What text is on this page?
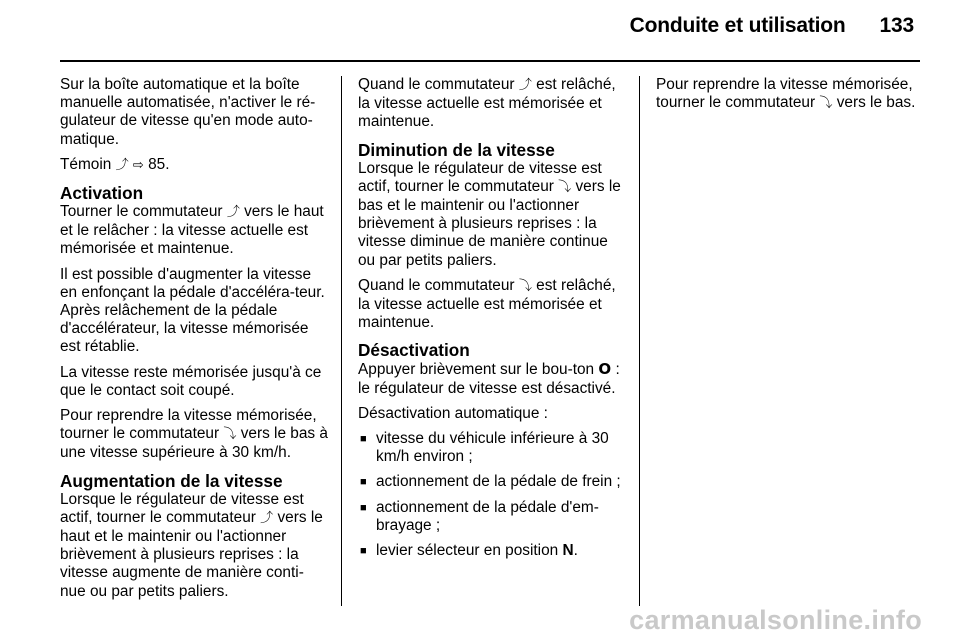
Conduite et utilisation 133

Sur la boîte automatique et la boîte manuelle automatisée, n'activer le ré-gulateur de vitesse qu'en mode auto-matique.

Témoin ⤴ ⇨ 85.

Activation

Tourner le commutateur ⤴ vers le haut et le relâcher : la vitesse actuelle est mémorisée et maintenue.

Il est possible d'augmenter la vitesse en enfonçant la pédale d'accéléra-teur. Après relâchement de la pédale d'accélérateur, la vitesse mémorisée est rétablie.

La vitesse reste mémorisée jusqu'à ce que le contact soit coupé.

Pour reprendre la vitesse mémorisée, tourner le commutateur ⤵ vers le bas à une vitesse supérieure à 30 km/h.

Augmentation de la vitesse

Lorsque le régulateur de vitesse est actif, tourner le commutateur ⤴ vers le haut et le maintenir ou l'actionner brièvement à plusieurs reprises : la vitesse augmente de manière conti-nue ou par petits paliers.

Quand le commutateur ⤴ est relâché, la vitesse actuelle est mémorisée et maintenue.

Diminution de la vitesse

Lorsque le régulateur de vitesse est actif, tourner le commutateur ⤵ vers le bas et le maintenir ou l'actionner brièvement à plusieurs reprises : la vitesse diminue de manière continue ou par petits paliers.

Quand le commutateur ⤵ est relâché, la vitesse actuelle est mémorisée et maintenue.

Désactivation

Appuyer brièvement sur le bou-ton O : le régulateur de vitesse est désactivé.

Désactivation automatique :

■ vitesse du véhicule inférieure à 30 km/h environ ;
■ actionnement de la pédale de frein ;
■ actionnement de la pédale d'em-brayage ;
■ levier sélecteur en position N.

Pour reprendre la vitesse mémorisée, tourner le commutateur ⤵ vers le bas.

carmanualsonline.info
